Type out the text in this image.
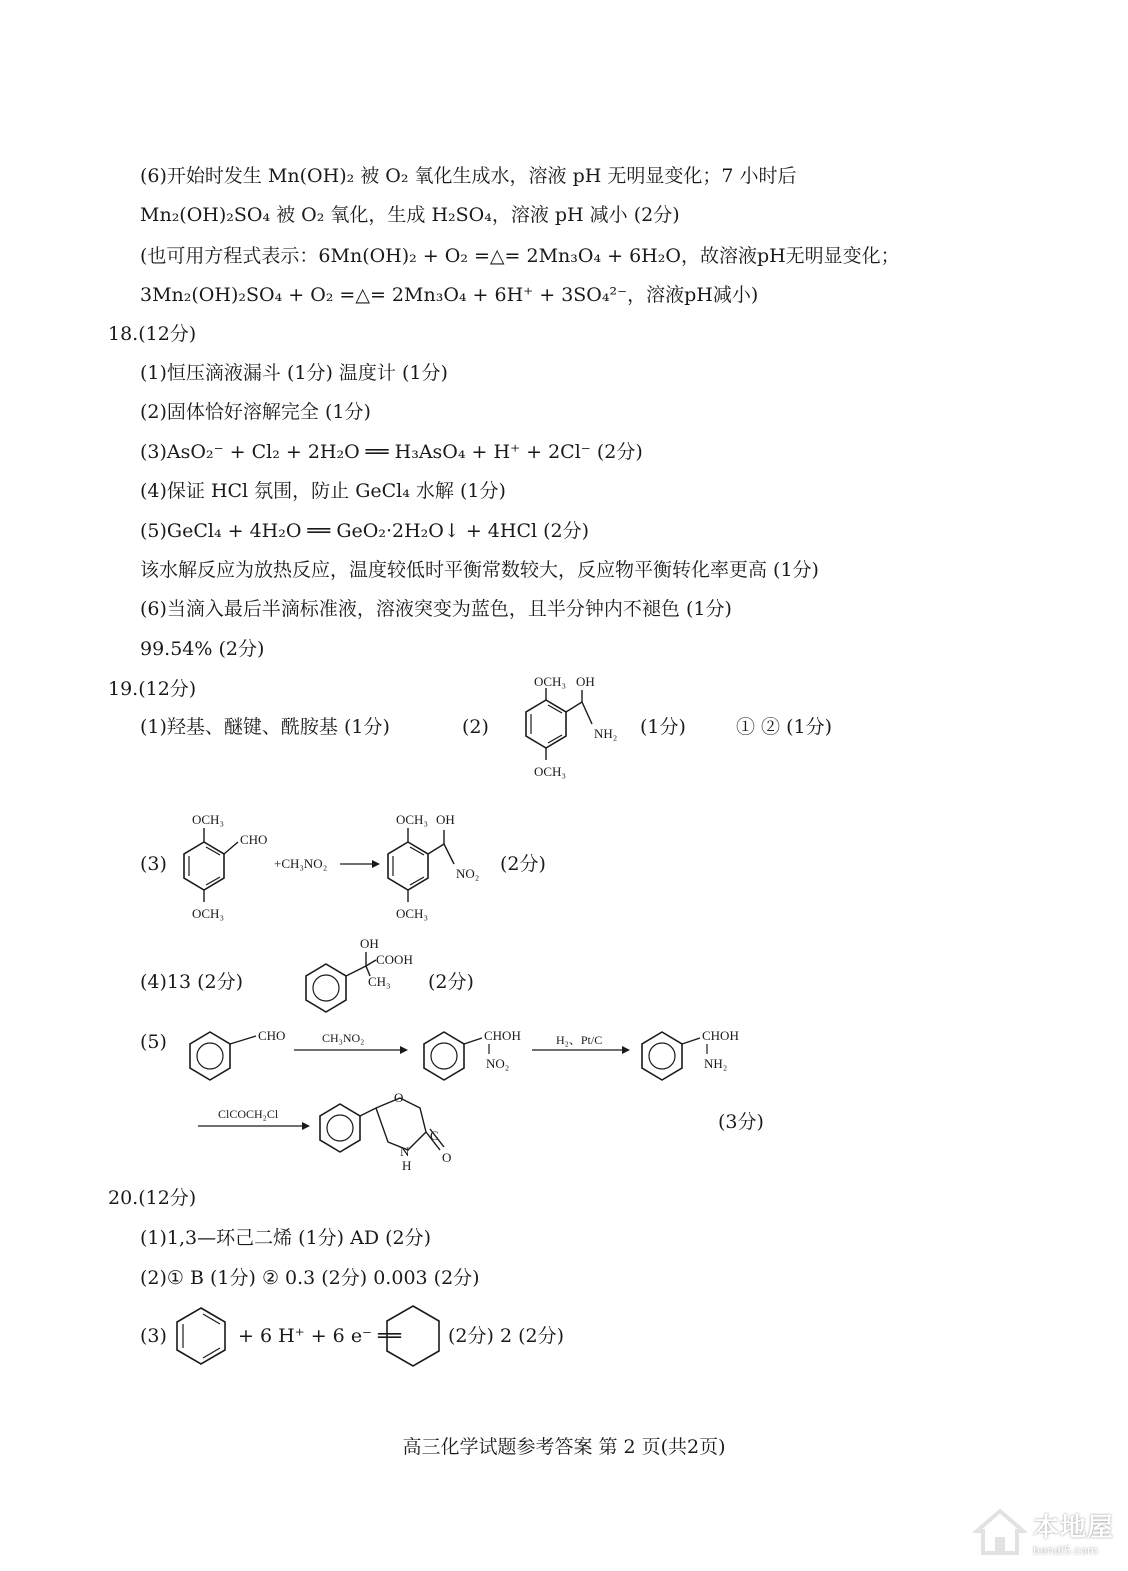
(6)开始时发生 Mn(OH)₂ 被 O₂ 氧化生成水，溶液 pH 无明显变化；7 小时后
Mn₂(OH)₂SO₄ 被 O₂ 氧化，生成 H₂SO₄，溶液 pH 减小 (2分)
(也可用方程式表示：6Mn(OH)₂ + O₂ =△= 2Mn₃O₄ + 6H₂O，故溶液pH无明显变化；
3Mn₂(OH)₂SO₄ + O₂ =△= 2Mn₃O₄ + 6H⁺ + 3SO₄²⁻，溶液pH减小)
18.(12分)
(1)恒压滴液漏斗 (1分) 温度计 (1分)
(2)固体恰好溶解完全 (1分)
(3)AsO₂⁻ + Cl₂ + 2H₂O ══ H₃AsO₄ + H⁺ + 2Cl⁻ (2分)
(4)保证 HCl 氛围，防止 GeCl₄ 水解 (1分)
(5)GeCl₄ + 4H₂O ══ GeO₂·2H₂O↓ + 4HCl (2分)
该水解反应为放热反应，温度较低时平衡常数较大，反应物平衡转化率更高 (1分)
(6)当滴入最后半滴标准液，溶液突变为蓝色，且半分钟内不褪色 (1分)
99.54% (2分)
19.(12分)
(1)羟基、醚键、酰胺基 (1分)	(2)
OCH₃ OH
NH₂
OCH₃
(1分)	① ② (1分)
(3)
OCH₃
CHO
OCH₃
+CH₃NO₂
OCH₃ OH
NO₂
OCH₃
(2分)
(4)13 (2分)
OH
COOH
CH₃ (2分)
(5)	CHO	CH₃NO₂	CHOH
NO₂
H₂、Pt/C	CHOH
NH₂
ClCOCH₂Cl
O
C
O
N
H
(3分)
20.(12分)
(1)1,3—环己二烯 (1分) AD (2分)
(2)① B (1分) ② 0.3 (2分) 0.003 (2分)
(3)	+ 6 H⁺ + 6 e⁻ ══ (2分) 2 (2分)
高三化学试题参考答案 第 2 页(共2页)
本地屋
bendi5.com
